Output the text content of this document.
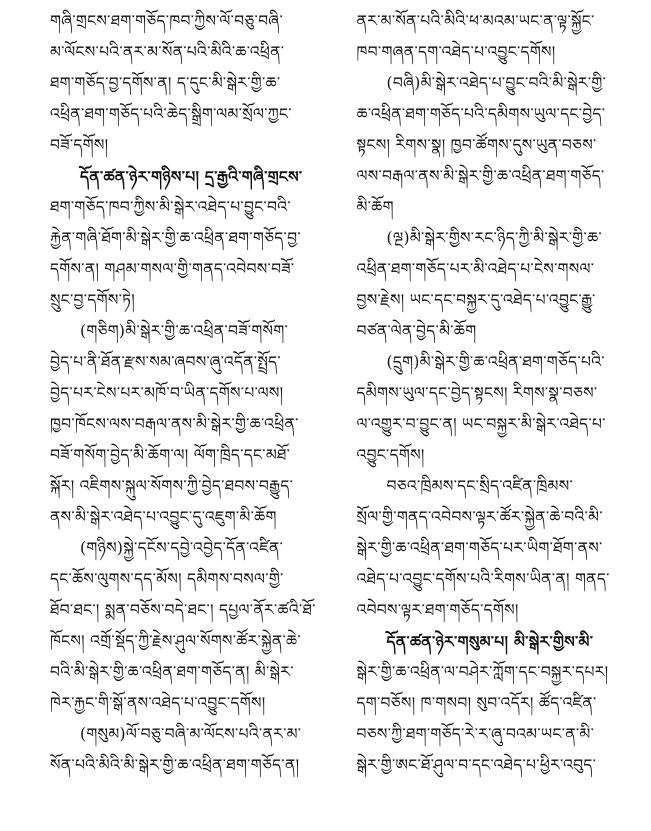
གཞི་གྲངས་ཐག་གཅོད་ཁབ་ཀྱིས་ལོ་བཅུ་བཞི་
མ་ལོངས་པའི་ནར་མ་སོན་པའི་མིའི་ཆ་འཕྲིན་
ཐག་གཅོད་བྱ་དགོས་ན། ད་དུང་མི་སྒེར་གྱི་ཆ་
འཕྲིན་ཐག་གཅོད་པའི་ཆེད་སྒྲིག་ལམ་སྲོལ་ཀྱང་
བཟོ་དགོས།
དོན་ཚན་ཉེར་གཉིས་པ། དྲ་རྒྱའི་གཞི་གྲངས་
ཐག་གཅོད་ཁབ་ཀྱིས་མི་སྒེར་འཐེད་པ་བྱུང་བའི་
རྐྱེན་གཞི་ཐོག་མི་སྒེར་གྱི་ཆ་འཕྲིན་ཐག་གཅོད་བྱ་
དགོས་ན། གཤམ་གསལ་གྱི་གནད་འབེབས་བཟོ་
སྲུང་བྱ་དགོས་ཏེ།
(གཅིག)མི་སྒེར་གྱི་ཆ་འཕྲིན་བཟོ་གསོག་
བྱེད་པ་ནི་ཐོན་རྫས་སམ་ཞབས་ཞུ་འདོན་སྤྲོད་
བྱེད་པར་ངེས་པར་མཁོ་བ་ཡིན་དགོས་པ་ལས།
ཁྱབ་ཁོངས་ལས་བརྒལ་ནས་མི་སྒེར་གྱི་ཆ་འཕྲིན་
བཟོ་གསོག་བྱེད་མི་ཆོག་ལ། ལོག་ཁྲིད་དང་མཐོ་
སྐོར། འཇིགས་སྐུལ་སོགས་ཀྱི་བྱེད་ཐབས་བརྒྱུད་
ནས་མི་སྒེར་འཐེད་པ་འབྱུང་དུ་འཇུག་མི་ཆོག
(གཉིས)སྐྱེ་དངོས་དབྱེ་འབྱེད་དོན་འཛིན་
དང་ཆོས་ལུགས་དད་མོས། དམིགས་བསལ་གྱི་
ཐོབ་ཐང་། སྨན་བཅོས་བདེ་ཐང་། དཔྱལ་ནོར་ཚའི་ཐོ་
ཁོངས། འགྲོ་སྡོད་ཀྱི་རྗེས་ཤུལ་སོགས་ཚོར་སྐྱེན་ཆེ་
བའི་མི་སྒེར་གྱི་ཆ་འཕྲིན་ཐག་གཅོད་ན། མི་སྒེར་
ཁེར་རྐྱང་གི་སྒོ་ནས་འཐེད་པ་འབྱུང་དགོས།
(གསུམ)ལོ་བཅུ་བཞི་མ་ལོངས་པའི་ནར་མ་
སོན་པའི་མིའི་མི་སྒེར་གྱི་ཆ་འཕྲིན་ཐག་གཅོད་ན།
ནར་མ་སོན་པའི་མིའི་ཕ་མའམ་ཡང་ན་ལྟ་སྐྱོང་
ཁབ་གཞན་དག་འཐེད་པ་འབྱུང་དགོས།
(བཞི)མི་སྒེར་འཐེད་པ་བྱུང་བའི་མི་སྒེར་གྱི་
ཆ་འཕྲིན་ཐག་གཅོད་པའི་དམིགས་ཡུལ་དང་བྱེད་
སྟངས། རིགས་སྣ། ཁྱབ་ཚོགས་དུས་ཡུན་བཅས་
ལས་བརྒལ་ནས་མི་སྒེར་གྱི་ཆ་འཕྲིན་ཐག་གཅོད་
མི་ཆོག
(ལྔ)མི་སྒེར་གྱིས་རང་ཉིད་ཀྱི་མི་སྒེར་གྱི་ཆ་
འཕྲིན་ཐག་གཅོད་པར་མི་འཐེད་པ་ངེས་གསལ་
བྱས་རྗེས། ཡང་དང་བསྐྱར་དུ་འཐེད་པ་འབྱུང་རྒྱུ་
བཙན་ལེན་བྱེད་མི་ཆོག
(དྲུག)མི་སྒེར་གྱི་ཆ་འཕྲིན་ཐག་གཅོད་པའི་
དམིགས་ཡུལ་དང་བྱེད་སྟངས། རིགས་སྣ་བཅས་
ལ་འགྱུར་བ་བྱུང་ན། ཡང་བསྐྱར་མི་སྒེར་འཐེད་པ་
འབྱུང་དགོས།
བཅའ་ཁྲིམས་དང་སྲིད་འཛིན་ཁྲིམས་
སྲོལ་གྱི་གནད་འབེབས་ལྟར་ཚོར་སྐྱེན་ཆེ་བའི་མི་
སྒེར་གྱི་ཆ་འཕྲིན་ཐག་གཅོད་པར་ཡིག་ཐོག་ནས་
འཐེད་པ་འབྱུང་དགོས་པའི་རིགས་ཡིན་ན། གནད་
འབེབས་ལྟར་ཐག་གཅོད་དགོས།
དོན་ཚན་ཉེར་གསུམ་པ། མི་སྒེར་གྱིས་མི་
སྒེར་གྱི་ཆ་འཕྲིན་ལ་བཤེར་ཀློག་དང་བསྐྱར་དཔར།
དག་བཅོས། ཁ་གསབ། སུབ་འདོར། ཚོད་འཛིན་
བཅས་ཀྱི་ཐག་གཅོད་རེ་ར་ཞུ་བའམ་ཡང་ན་མི་
སྒེར་གྱི་ཨང་ཐོ་ཤུལ་བ་དང་འཐེད་པ་ཕྱིར་འབུད་
